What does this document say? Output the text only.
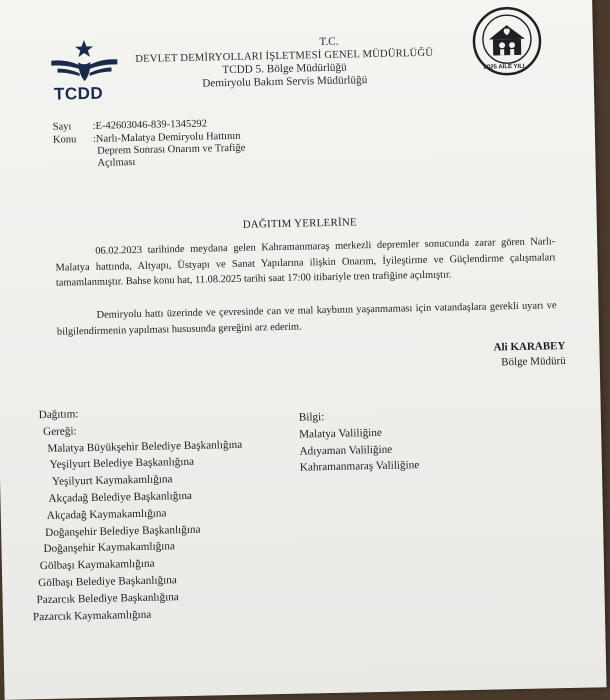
TCDD
T.C.
DEVLET DEMİRYOLLARI İŞLETMESİ GENEL MÜDÜRLÜĞÜ
TCDD 5. Bölge Müdürlüğü
Demiryolu Bakım Servis Müdürlüğü
2025 AİLE YILI
Sayı :E-42603046-839-1345292
Konu :Narlı-Malatya Demiryolu Hattının
Deprem Sonrası Onarım ve Trafiğe
Açılması
DAĞITIM YERLERİNE
06.02.2023 tarihinde meydana gelen Kahramanmaraş merkezli depremler sonucunda zarar gören Narlı-Malatya hattında, Altyapı, Üstyapı ve Sanat Yapılarına ilişkin Onarım, İyileştirme ve Güçlendirme çalışmaları tamamlanmıştır. Bahse konu hat, 11.08.2025 tarihi saat 17:00 itibariyle tren trafiğine açılmıştır.
Demiryolu hattı üzerinde ve çevresinde can ve mal kaybının yaşanmaması için vatandaşlara gerekli uyarı ve bilgilendirmenin yapılması hususunda gereğini arz ederim.
Ali KARABEY
Bölge Müdürü
Dağıtım:
Gereği:
Malatya Büyükşehir Belediye Başkanlığına
Yeşilyurt Belediye Başkanlığına
Yeşilyurt Kaymakamlığına
Akçadağ Belediye Başkanlığına
Akçadağ Kaymakamlığına
Doğanşehir Belediye Başkanlığına
Doğanşehir Kaymakamlığına
Gölbaşı Kaymakamlığına
Gölbaşı Belediye Başkanlığına
Pazarcık Belediye Başkanlığına
Pazarcık Kaymakamlığına
Bilgi:
Malatya Valiliğine
Adıyaman Valiliğine
Kahramanmaraş Valiliğine
